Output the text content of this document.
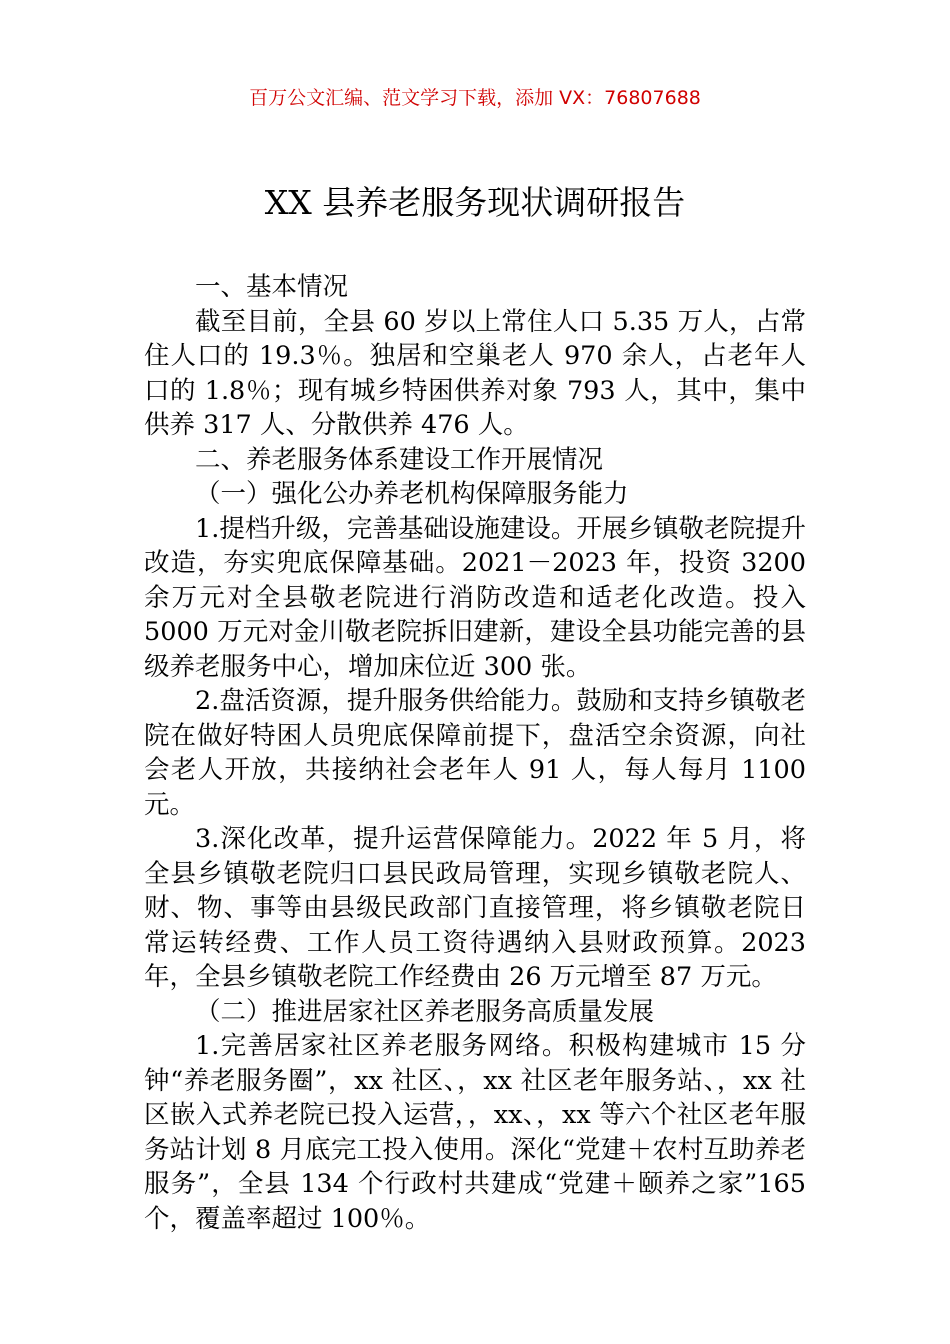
百万公文汇编、范文学习下载，添加 VX：76807688

XX 县养老服务现状调研报告

一、基本情况

截至目前，全县 60 岁以上常住人口 5.35 万人，占常住人口的 19.3％。独居和空巢老人 970 余人，占老年人口的 1.8％；现有城乡特困供养对象 793 人，其中，集中供养 317 人、分散供养 476 人。

二、养老服务体系建设工作开展情况

（一）强化公办养老机构保障服务能力

1.提档升级，完善基础设施建设。开展乡镇敬老院提升改造，夯实兜底保障基础。2021－2023 年，投资 3200 余万元对全县敬老院进行消防改造和适老化改造。投入 5000 万元对金川敬老院拆旧建新，建设全县功能完善的县级养老服务中心，增加床位近 300 张。

2.盘活资源，提升服务供给能力。鼓励和支持乡镇敬老院在做好特困人员兜底保障前提下，盘活空余资源，向社会老人开放，共接纳社会老年人 91 人，每人每月 1100 元。

3.深化改革，提升运营保障能力。2022 年 5 月，将全县乡镇敬老院归口县民政局管理，实现乡镇敬老院人、财、物、事等由县级民政部门直接管理，将乡镇敬老院日常运转经费、工作人员工资待遇纳入县财政预算。2023 年，全县乡镇敬老院工作经费由 26 万元增至 87 万元。

（二）推进居家社区养老服务高质量发展

1.完善居家社区养老服务网络。积极构建城市 15 分钟“养老服务圈”，xx 社区、，xx 社区老年服务站、，xx 社区嵌入式养老院已投入运营，，xx、，xx 等六个社区老年服务站计划 8 月底完工投入使用。深化“党建＋农村互助养老服务”，全县 134 个行政村共建成“党建＋颐养之家”165 个，覆盖率超过 100％。
